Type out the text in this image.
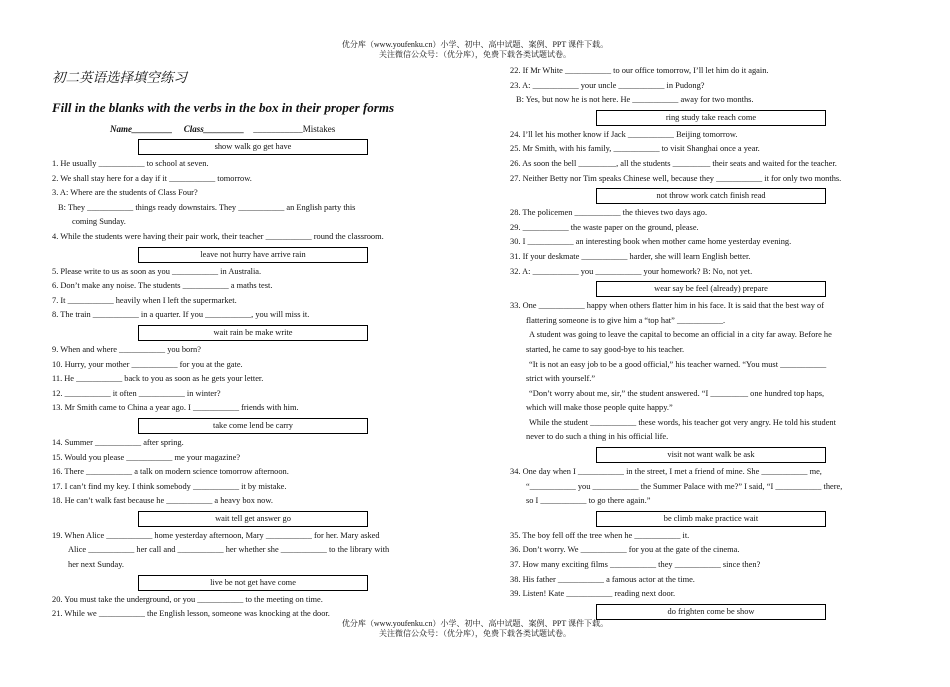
优分库（www.youfenku.cn）小学、初中、高中试题、案例、PPT 课件下载。
关注微信公众号：（优分库），免费下载各类试题试卷。
初二英语选择填空练习
Fill in the blanks with the verbs in the box in their proper forms
Name_________ Class_________ ___________Mistakes
show walk go get have

1. He usually ___________ to school at seven.

2. We shall stay here for a day if it ___________ tomorrow.

3. A: Where are the students of Class Four?

B: They ___________ things ready downstairs. They ___________ an English party this

coming Sunday.

4. While the students were having their pair work, their teacher ___________ round the classroom.

leave not hurry have arrive rain

5. Please write to us as soon as you ___________ in Australia.

6. Don’t make any noise. The students ___________ a maths test.

7. It ___________ heavily when I left the supermarket.

8. The train ___________ in a quarter. If you ___________, you will miss it.

wait rain be make write

9. When and where ___________ you born?

10. Hurry, your mother ___________ for you at the gate.

11. He ___________ back to you as soon as he gets your letter.

12. ___________ it often ___________ in winter?

13. Mr Smith came to China a year ago. I ___________ friends with him.

take come lend be carry

14. Summer ___________ after spring.

15. Would you please ___________ me your magazine?

16. There ___________ a talk on modern science tomorrow afternoon.

17. I can’t find my key. I think somebody ___________ it by mistake.

18. He can’t walk fast because he ___________ a heavy box now.

wait tell get answer go

19. When Alice ___________ home yesterday afternoon, Mary ___________ for her. Mary asked

Alice ___________ her call and ___________ her whether she ___________ to the library with

her next Sunday.

live be not get have come

20. You must take the underground, or you ___________ to the meeting on time.

21. While we ___________ the English lesson, someone was knocking at the door.

22. If Mr White ___________ to our office tomorrow, I’ll let him do it again.

23. A: ___________ your uncle ___________ in Pudong?

B: Yes, but now he is not here. He ___________ away for two months.

ring study take reach come

24. I’ll let his mother know if Jack ___________ Beijing tomorrow.

25. Mr Smith, with his family, ___________ to visit Shanghai once a year.

26. As soon the bell _________, all the students _________ their seats and waited for the teacher.

27. Neither Betty nor Tim speaks Chinese well, because they ___________ it for only two months.

not throw work catch finish read

28. The policemen ___________ the thieves two days ago.

29. ___________ the waste paper on the ground, please.

30. I ___________ an interesting book when mother came home yesterday evening.

31. If your deskmate ___________ harder, she will learn English better.

32. A: ___________ you ___________ your homework? B: No, not yet.

wear say be feel (already) prepare

33. One ___________ happy when others flatter him in his face. It is said that the best way of

flattering someone is to give him a “top hat” ___________.

A student was going to leave the capital to become an official in a city far away. Before he

started, he came to say good-bye to his teacher.

“It is not an easy job to be a good official,” his teacher warned. “You must ___________

strict with yourself.”

“Don’t worry about me, sir,” the student answered. “I _________ one hundred top haps,

which will make those people quite happy.”

While the student ___________ these words, his teacher got very angry. He told his student

never to do such a thing in his official life.

visit not want walk be ask

34. One day when I ___________ in the street, I met a friend of mine. She ___________ me,

“___________ you ___________ the Summer Palace with me?” I said, “I ___________ there,

so I ___________ to go there again.”

be climb make practice wait

35. The boy fell off the tree when he ___________ it.

36. Don’t worry. We ___________ for you at the gate of the cinema.

37. How many exciting films ___________ they ___________ since then?

38. His father ___________ a famous actor at the time.

39. Listen! Kate ___________ reading next door.

do frighten come be show
优分库（www.youfenku.cn）小学、初中、高中试题、案例、PPT 课件下载。
关注微信公众号：（优分库），免费下载各类试题试卷。
